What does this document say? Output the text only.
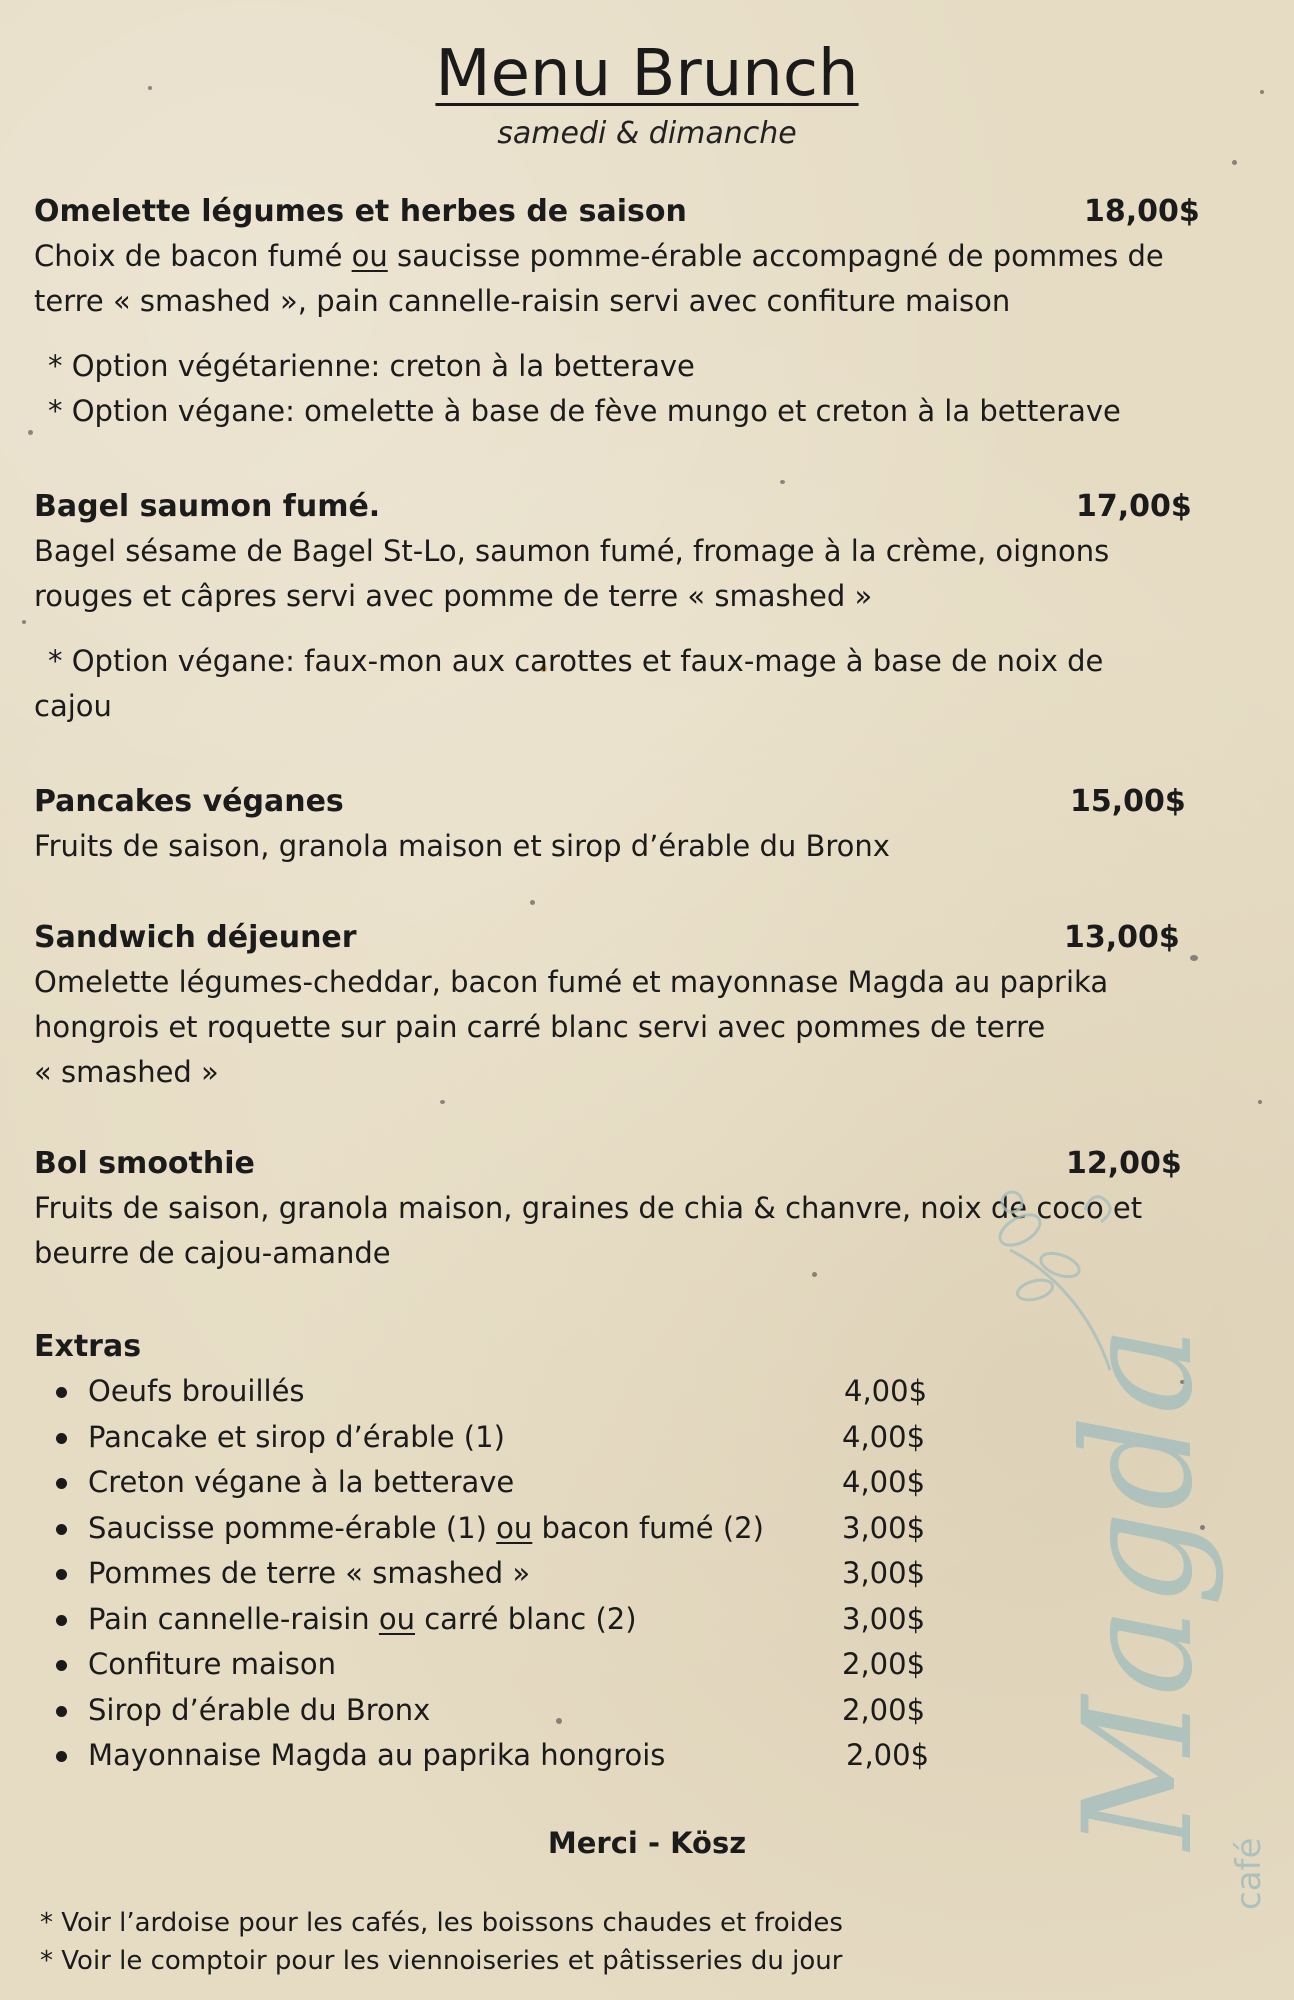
Menu Brunch
samedi & dimanche
Omelette légumes et herbes de saison	18,00$
Choix de bacon fumé ou saucisse pomme-érable accompagné de pommes de
terre « smashed », pain cannelle-raisin servi avec confiture maison
* Option végétarienne: creton à la betterave
* Option végane: omelette à base de fève mungo et creton à la betterave
Bagel saumon fumé.	17,00$
Bagel sésame de Bagel St-Lo, saumon fumé, fromage à la crème, oignons
rouges et câpres servi avec pomme de terre « smashed »
* Option végane: faux-mon aux carottes et faux-mage à base de noix de
cajou
Pancakes véganes	15,00$
Fruits de saison, granola maison et sirop d’érable du Bronx
Sandwich déjeuner	13,00$
Omelette légumes-cheddar, bacon fumé et mayonnase Magda au paprika
hongrois et roquette sur pain carré blanc servi avec pommes de terre
« smashed »
Bol smoothie	12,00$
Fruits de saison, granola maison, graines de chia & chanvre, noix de coco et
beurre de cajou-amande
Extras
Oeufs brouillés	4,00$
Pancake et sirop d’érable (1)	4,00$
Creton végane à la betterave	4,00$
Saucisse pomme-érable (1) ou bacon fumé (2)	3,00$
Pommes de terre « smashed »	3,00$
Pain cannelle-raisin ou carré blanc (2)	3,00$
Confiture maison	2,00$
Sirop d’érable du Bronx	2,00$
Mayonnaise Magda au paprika hongrois	2,00$
Merci - Kösz
* Voir l’ardoise pour les cafés, les boissons chaudes et froides
* Voir le comptoir pour les viennoiseries et pâtisseries du jour
Magda
café
